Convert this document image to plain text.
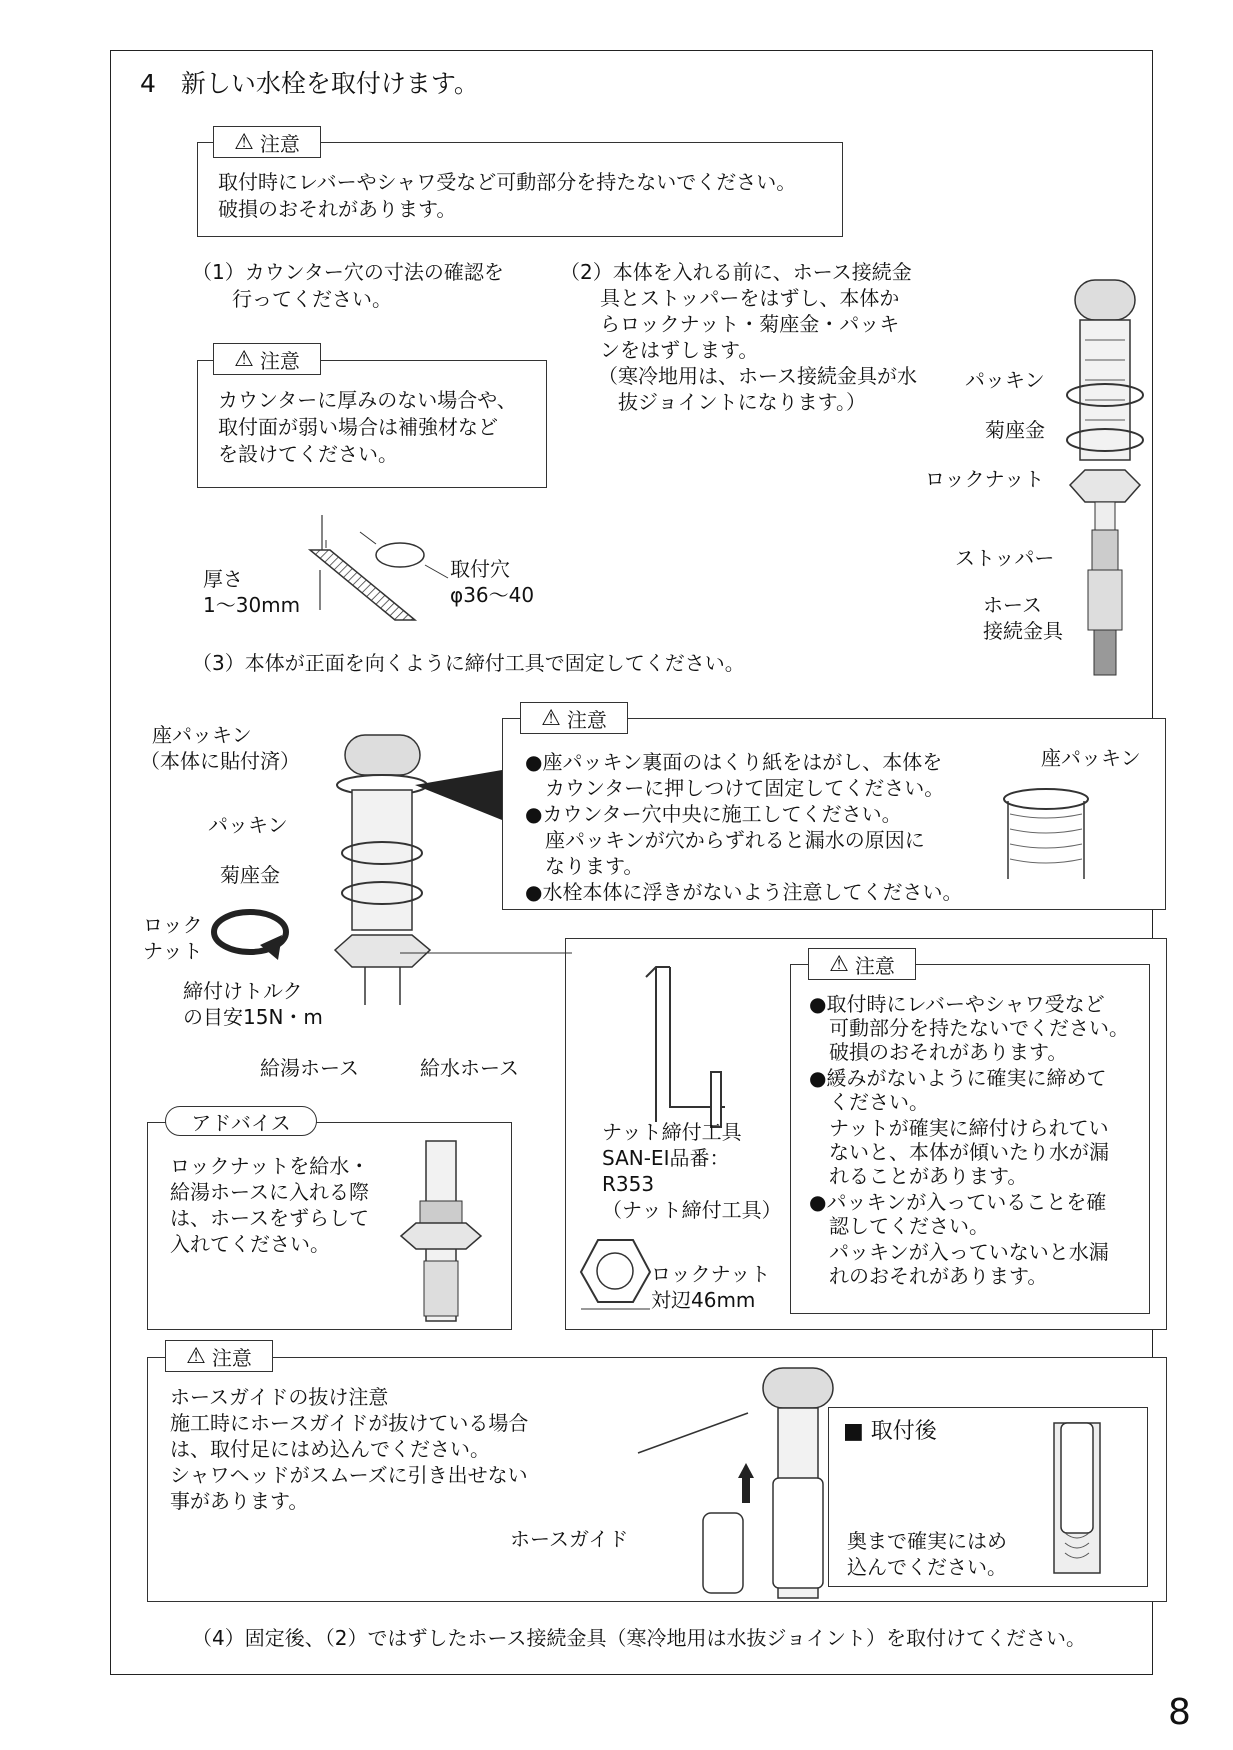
4　新しい水栓を取付けます。
取付時にレバーやシャワ受など可動部分を持たないでください。
破損のおそれがあります。
⚠ 注意
（1）カウンター穴の寸法の確認を
　　行ってください。
カウンターに厚みのない場合や、
取付面が弱い場合は補強材など
を設けてください。
⚠ 注意
厚さ
1～30mm
取付穴
φ36～40
（2）本体を入れる前に、ホース接続金
　　具とストッパーをはずし、本体か
　　らロックナット・菊座金・パッキ
　　ンをはずします。
（寒冷地用は、ホース接続金具が水
　抜ジョイントになります。）
パッキン
菊座金
ロックナット
ストッパー
ホース
接続金具
（3）本体が正面を向くように締付工具で固定してください。
座パッキン
（本体に貼付済）
パッキン
菊座金
ロック
ナット
締付けトルク
の目安15N・m
給湯ホース	給水ホース
●座パッキン裏面のはくり紙をはがし、本体を
　カウンターに押しつけて固定してください。
●カウンター穴中央に施工してください。
　座パッキンが穴からずれると漏水の原因に
　なります。
●水栓本体に浮きがないよう注意してください。
座パッキン
⚠ 注意
ナット締付工具
SAN-EI品番：
R353
（ナット締付工具）
ロックナット
対辺46mm
●取付時にレバーやシャワ受など
　可動部分を持たないでください。
　破損のおそれがあります。
●緩みがないように確実に締めて
　ください。
　ナットが確実に締付けられてい
　ないと、本体が傾いたり水が漏
　れることがあります。
●パッキンが入っていることを確
　認してください。
　パッキンが入っていないと水漏
　れのおそれがあります。
⚠ 注意
ロックナットを給水・
給湯ホースに入れる際
は、ホースをずらして
入れてください。
アドバイス
ホースガイドの抜け注意
施工時にホースガイドが抜けている場合
は、取付足にはめ込んでください。
シャワヘッドがスムーズに引き出せない
事があります。
ホースガイド
■ 取付後
奥まで確実にはめ
込んでください。
⚠ 注意
（4）固定後、（2）ではずしたホース接続金具（寒冷地用は水抜ジョイント）を取付けてください。
8
